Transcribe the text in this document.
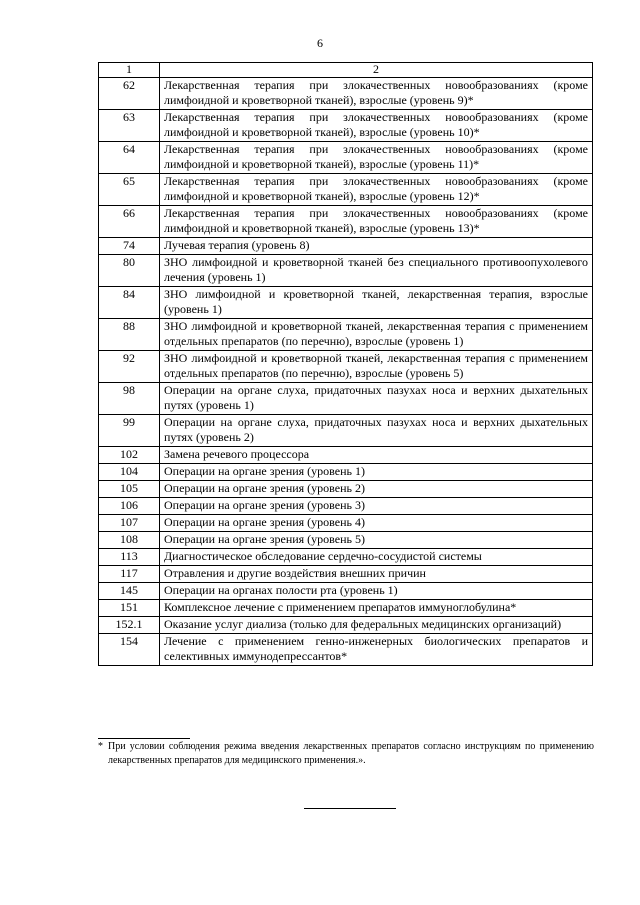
6
1	2
62	Лекарственная терапия при злокачественных новообразованиях (кроме лимфоидной и кроветворной тканей), взрослые (уровень 9)*
63	Лекарственная терапия при злокачественных новообразованиях (кроме лимфоидной и кроветворной тканей), взрослые (уровень 10)*
64	Лекарственная терапия при злокачественных новообразованиях (кроме лимфоидной и кроветворной тканей), взрослые (уровень 11)*
65	Лекарственная терапия при злокачественных новообразованиях (кроме лимфоидной и кроветворной тканей), взрослые (уровень 12)*
66	Лекарственная терапия при злокачественных новообразованиях (кроме лимфоидной и кроветворной тканей), взрослые (уровень 13)*
74	Лучевая терапия (уровень 8)
80	ЗНО лимфоидной и кроветворной тканей без специального противоопухолевого лечения (уровень 1)
84	ЗНО лимфоидной и кроветворной тканей, лекарственная терапия, взрослые (уровень 1)
88	ЗНО лимфоидной и кроветворной тканей, лекарственная терапия с применением отдельных препаратов (по перечню), взрослые (уровень 1)
92	ЗНО лимфоидной и кроветворной тканей, лекарственная терапия с применением отдельных препаратов (по перечню), взрослые (уровень 5)
98	Операции на органе слуха, придаточных пазухах носа и верхних дыхательных путях (уровень 1)
99	Операции на органе слуха, придаточных пазухах носа и верхних дыхательных путях (уровень 2)
102	Замена речевого процессора
104	Операции на органе зрения (уровень 1)
105	Операции на органе зрения (уровень 2)
106	Операции на органе зрения (уровень 3)
107	Операции на органе зрения (уровень 4)
108	Операции на органе зрения (уровень 5)
113	Диагностическое обследование сердечно-сосудистой системы
117	Отравления и другие воздействия внешних причин
145	Операции на органах полости рта (уровень 1)
151	Комплексное лечение с применением препаратов иммуноглобулина*
152.1	Оказание услуг диализа (только для федеральных медицинских организаций)
154	Лечение с применением генно-инженерных биологических препаратов и селективных иммунодепрессантов*
* При условии соблюдения режима введения лекарственных препаратов согласно инструкциям по применению лекарственных препаратов для медицинского применения.».
